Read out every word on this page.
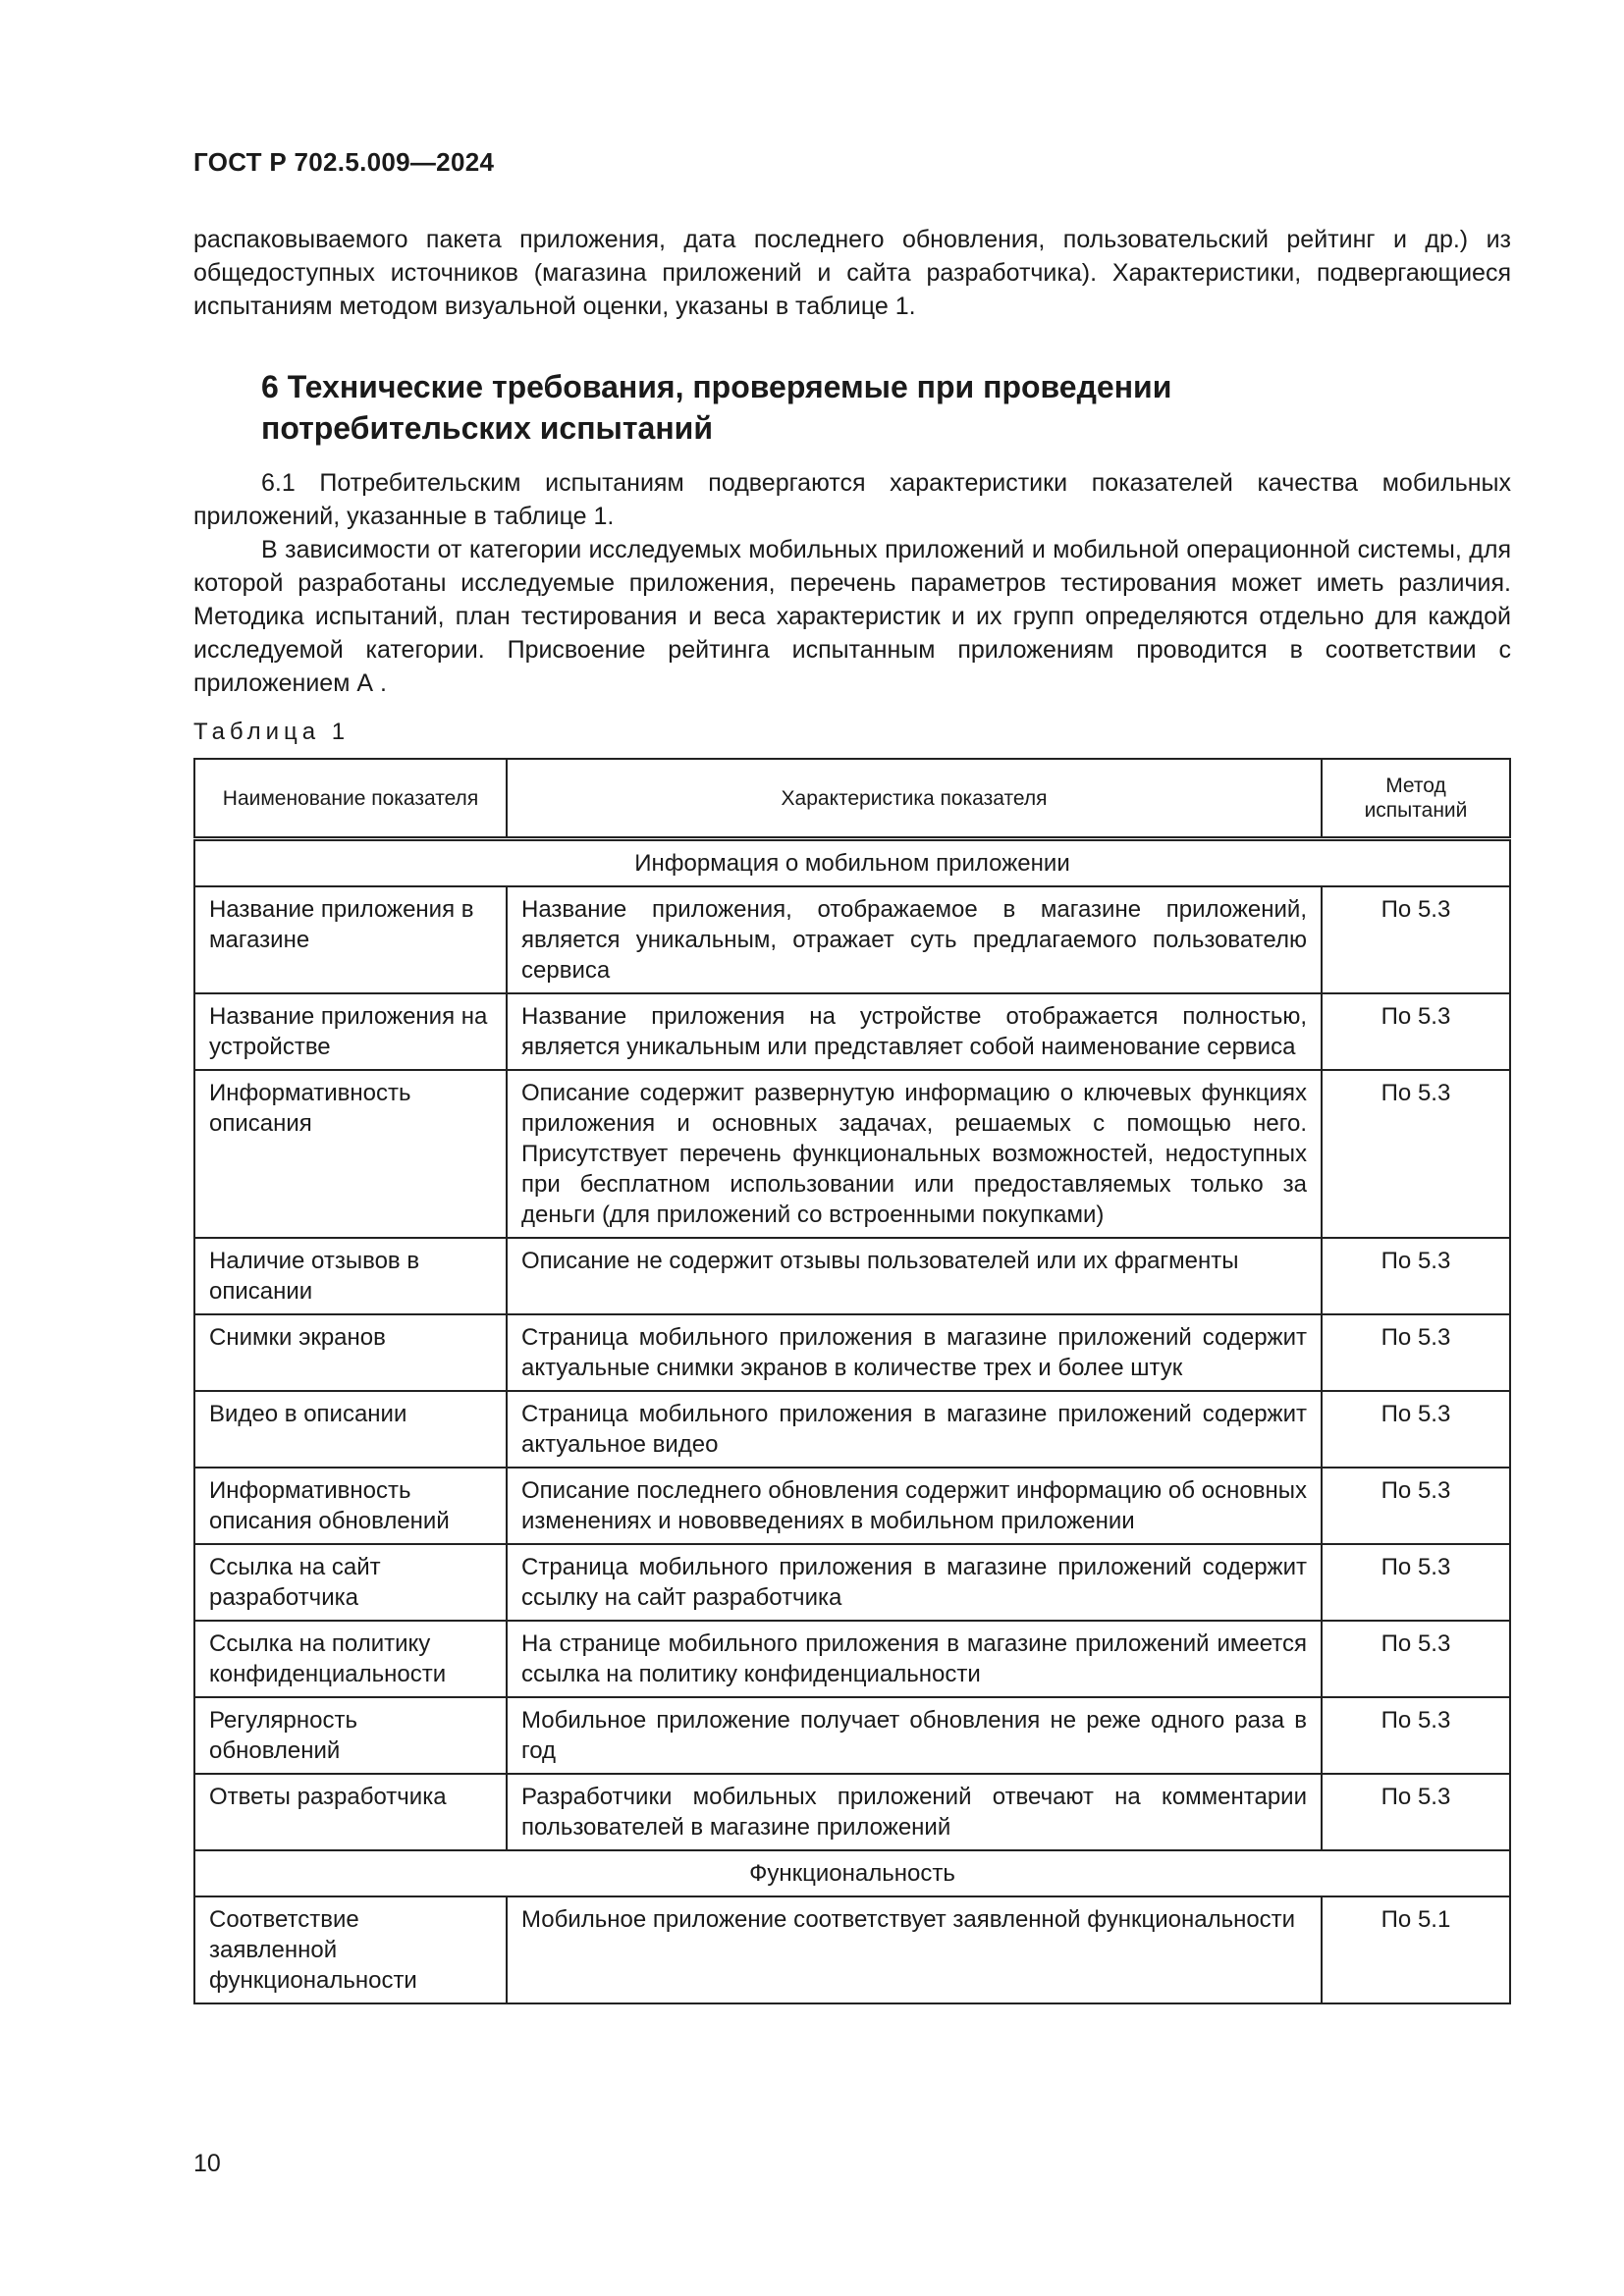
ГОСТ Р 702.5.009—2024
распаковываемого пакета приложения, дата последнего обновления, пользовательский рейтинг и др.) из общедоступных источников (магазина приложений и сайта разработчика). Характеристики, подвергающиеся испытаниям методом визуальной оценки, указаны в таблице 1.
6 Технические требования, проверяемые при проведении потребительских испытаний

6.1 Потребительским испытаниям подвергаются характеристики показателей качества мобильных приложений, указанные в таблице 1.

В зависимости от категории исследуемых мобильных приложений и мобильной операционной системы, для которой разработаны исследуемые приложения, перечень параметров тестирования может иметь различия. Методика испытаний, план тестирования и веса характеристик и их групп определяются отдельно для каждой исследуемой категории. Присвоение рейтинга испытанным приложениям проводится в соответствии с приложением А .

Таблица 1
Наименование показателя	Характеристика показателя	Метод испытаний
Информация о мобильном приложении		
Название приложения в магазине	Название приложения, отображаемое в магазине приложений, является уникальным, отражает суть предлагаемого пользователю сервиса	По 5.3
Название приложения на устройстве	Название приложения на устройстве отображается полностью, является уникальным или представляет собой наименование сервиса	По 5.3
Информативность описания	Описание содержит развернутую информацию о ключевых функциях приложения и основных задачах, решаемых с помощью него. Присутствует перечень функциональных возможностей, недоступных при бесплатном использовании или предоставляемых только за деньги (для приложений со встроенными покупками)	По 5.3
Наличие отзывов в описании	Описание не содержит отзывы пользователей или их фрагменты	По 5.3
Снимки экранов	Страница мобильного приложения в магазине приложений содержит актуальные снимки экранов в количестве трех и более штук	По 5.3
Видео в описании	Страница мобильного приложения в магазине приложений содержит актуальное видео	По 5.3
Информативность описания обновлений	Описание последнего обновления содержит информацию об основных изменениях и нововведениях в мобильном приложении	По 5.3
Ссылка на сайт разработчика	Страница мобильного приложения в магазине приложений содержит ссылку на сайт разработчика	По 5.3
Ссылка на политику конфиденциальности	На странице мобильного приложения в магазине приложений имеется ссылка на политику конфиденциальности	По 5.3
Регулярность обновлений	Мобильное приложение получает обновления не реже одного раза в год	По 5.3
Ответы разработчика	Разработчики мобильных приложений отвечают на комментарии пользователей в магазине приложений	По 5.3
Функциональность		
Соответствие заявленной функциональности	Мобильное приложение соответствует заявленной функциональности	По 5.1
10
